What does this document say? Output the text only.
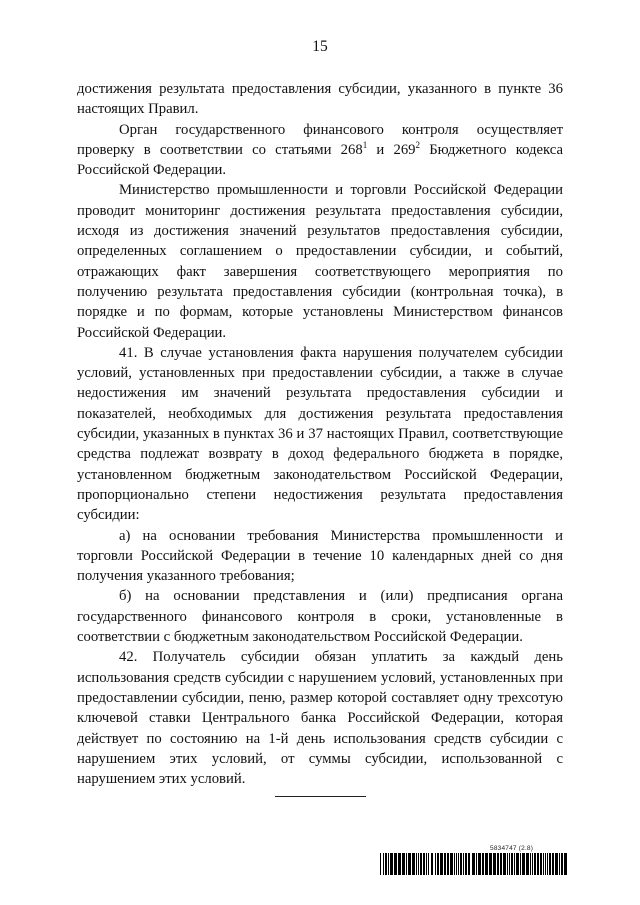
15

достижения результата предоставления субсидии, указанного в пункте 36 настоящих Правил.

Орган государственного финансового контроля осуществляет проверку в соответствии со статьями $268^1$ и $269^2$ Бюджетного кодекса Российской Федерации.

Министерство промышленности и торговли Российской Федерации проводит мониторинг достижения результата предоставления субсидии, исходя из достижения значений результатов предоставления субсидии, определенных соглашением о предоставлении субсидии, и событий, отражающих факт завершения соответствующего мероприятия по получению результата предоставления субсидии (контрольная точка), в порядке и по формам, которые установлены Министерством финансов Российской Федерации.

41. В случае установления факта нарушения получателем субсидии условий, установленных при предоставлении субсидии, а также в случае недостижения им значений результата предоставления субсидии и показателей, необходимых для достижения результата предоставления субсидии, указанных в пунктах 36 и 37 настоящих Правил, соответствующие средства подлежат возврату в доход федерального бюджета в порядке, установленном бюджетным законодательством Российской Федерации, пропорционально степени недостижения результата предоставления субсидии:

а) на основании требования Министерства промышленности и торговли Российской Федерации в течение 10 календарных дней со дня получения указанного требования;

б) на основании представления и (или) предписания органа государственного финансового контроля в сроки, установленные в соответствии с бюджетным законодательством Российской Федерации.

42. Получатель субсидии обязан уплатить за каждый день использования средств субсидии с нарушением условий, установленных при предоставлении субсидии, пеню, размер которой составляет одну трехсотую ключевой ставки Центрального банка Российской Федерации, которая действует по состоянию на 1-й день использования средств субсидии с нарушением этих условий, от суммы субсидии, использованной с нарушением этих условий.

5834747 (2.8)
